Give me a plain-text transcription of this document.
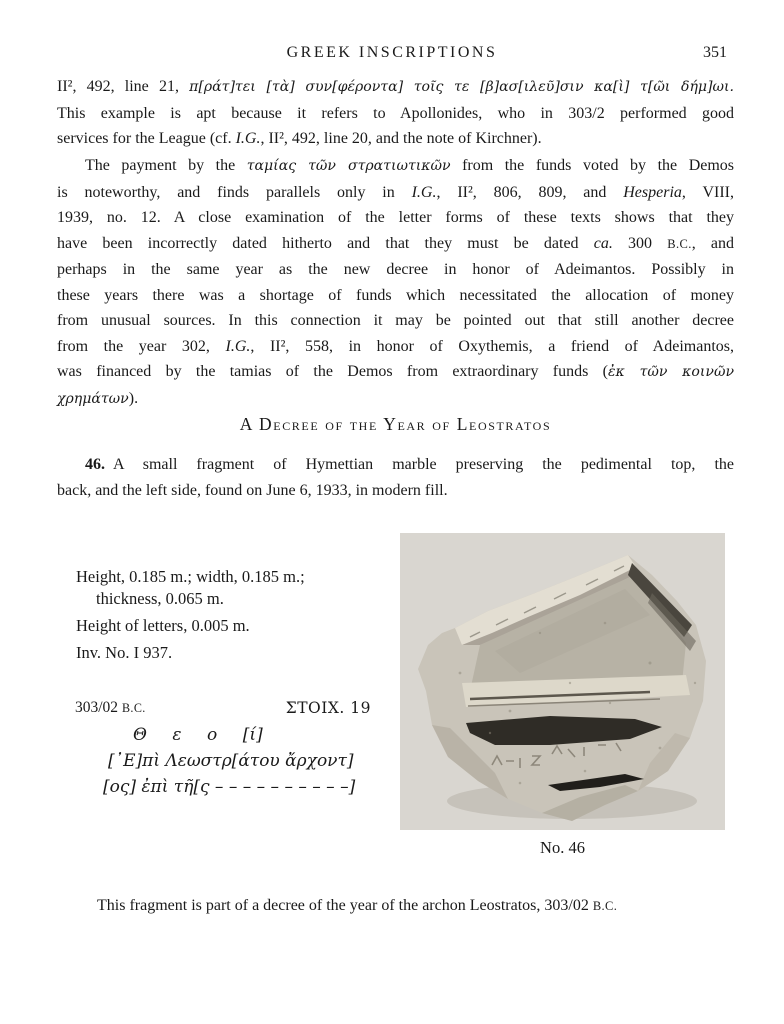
GREEK INSCRIPTIONS	351
II², 492, line 21, π[ράτ]τει [τὰ] συν[φέροντα] τοῖς τε [β]ασ[ιλεῦ]σιν κα[ὶ] τ[ῶι δήμ]ωι.
This example is apt because it refers to Apollonides, who in 303/2 performed good
services for the League (cf. I.G., II², 492, line 20, and the note of Kirchner).
The payment by the ταμίας τῶν στρατιωτικῶν from the funds voted by the Demos
is noteworthy, and finds parallels only in I.G., II², 806, 809, and Hesperia, VIII,
1939, no. 12. A close examination of the letter forms of these texts shows that they
have been incorrectly dated hitherto and that they must be dated ca. 300 B.C., and
perhaps in the same year as the new decree in honor of Adeimantos. Possibly in
these years there was a shortage of funds which necessitated the allocation of money
from unusual sources. In this connection it may be pointed out that still another decree
from the year 302, I.G., II², 558, in honor of Oxythemis, a friend of Adeimantos,
was financed by the tamias of the Demos from extraordinary funds (ἐκ τῶν κοινῶν
χρημάτων).
A Decree of the Year of Leostratos
46. A small fragment of Hymettian marble preserving the pedimental top, the
back, and the left side, found on June 6, 1933, in modern fill.

Height, 0.185 m.; width, 0.185 m.;

thickness, 0.065 m.

Height of letters, 0.005 m.

Inv. No. I 937.

303/02 B.C.	ΣΤΟΙΧ. 19
Θ  ε  ο  [ί]
[᾿Ε]πὶ Λεωστρ[άτου ἄρχοντ]
[ος] ἐπὶ τῆ[ς – – – – – – – – – –]
No. 46
This fragment is part of a decree of the year of the archon Leostratos, 303/02 B.C.
